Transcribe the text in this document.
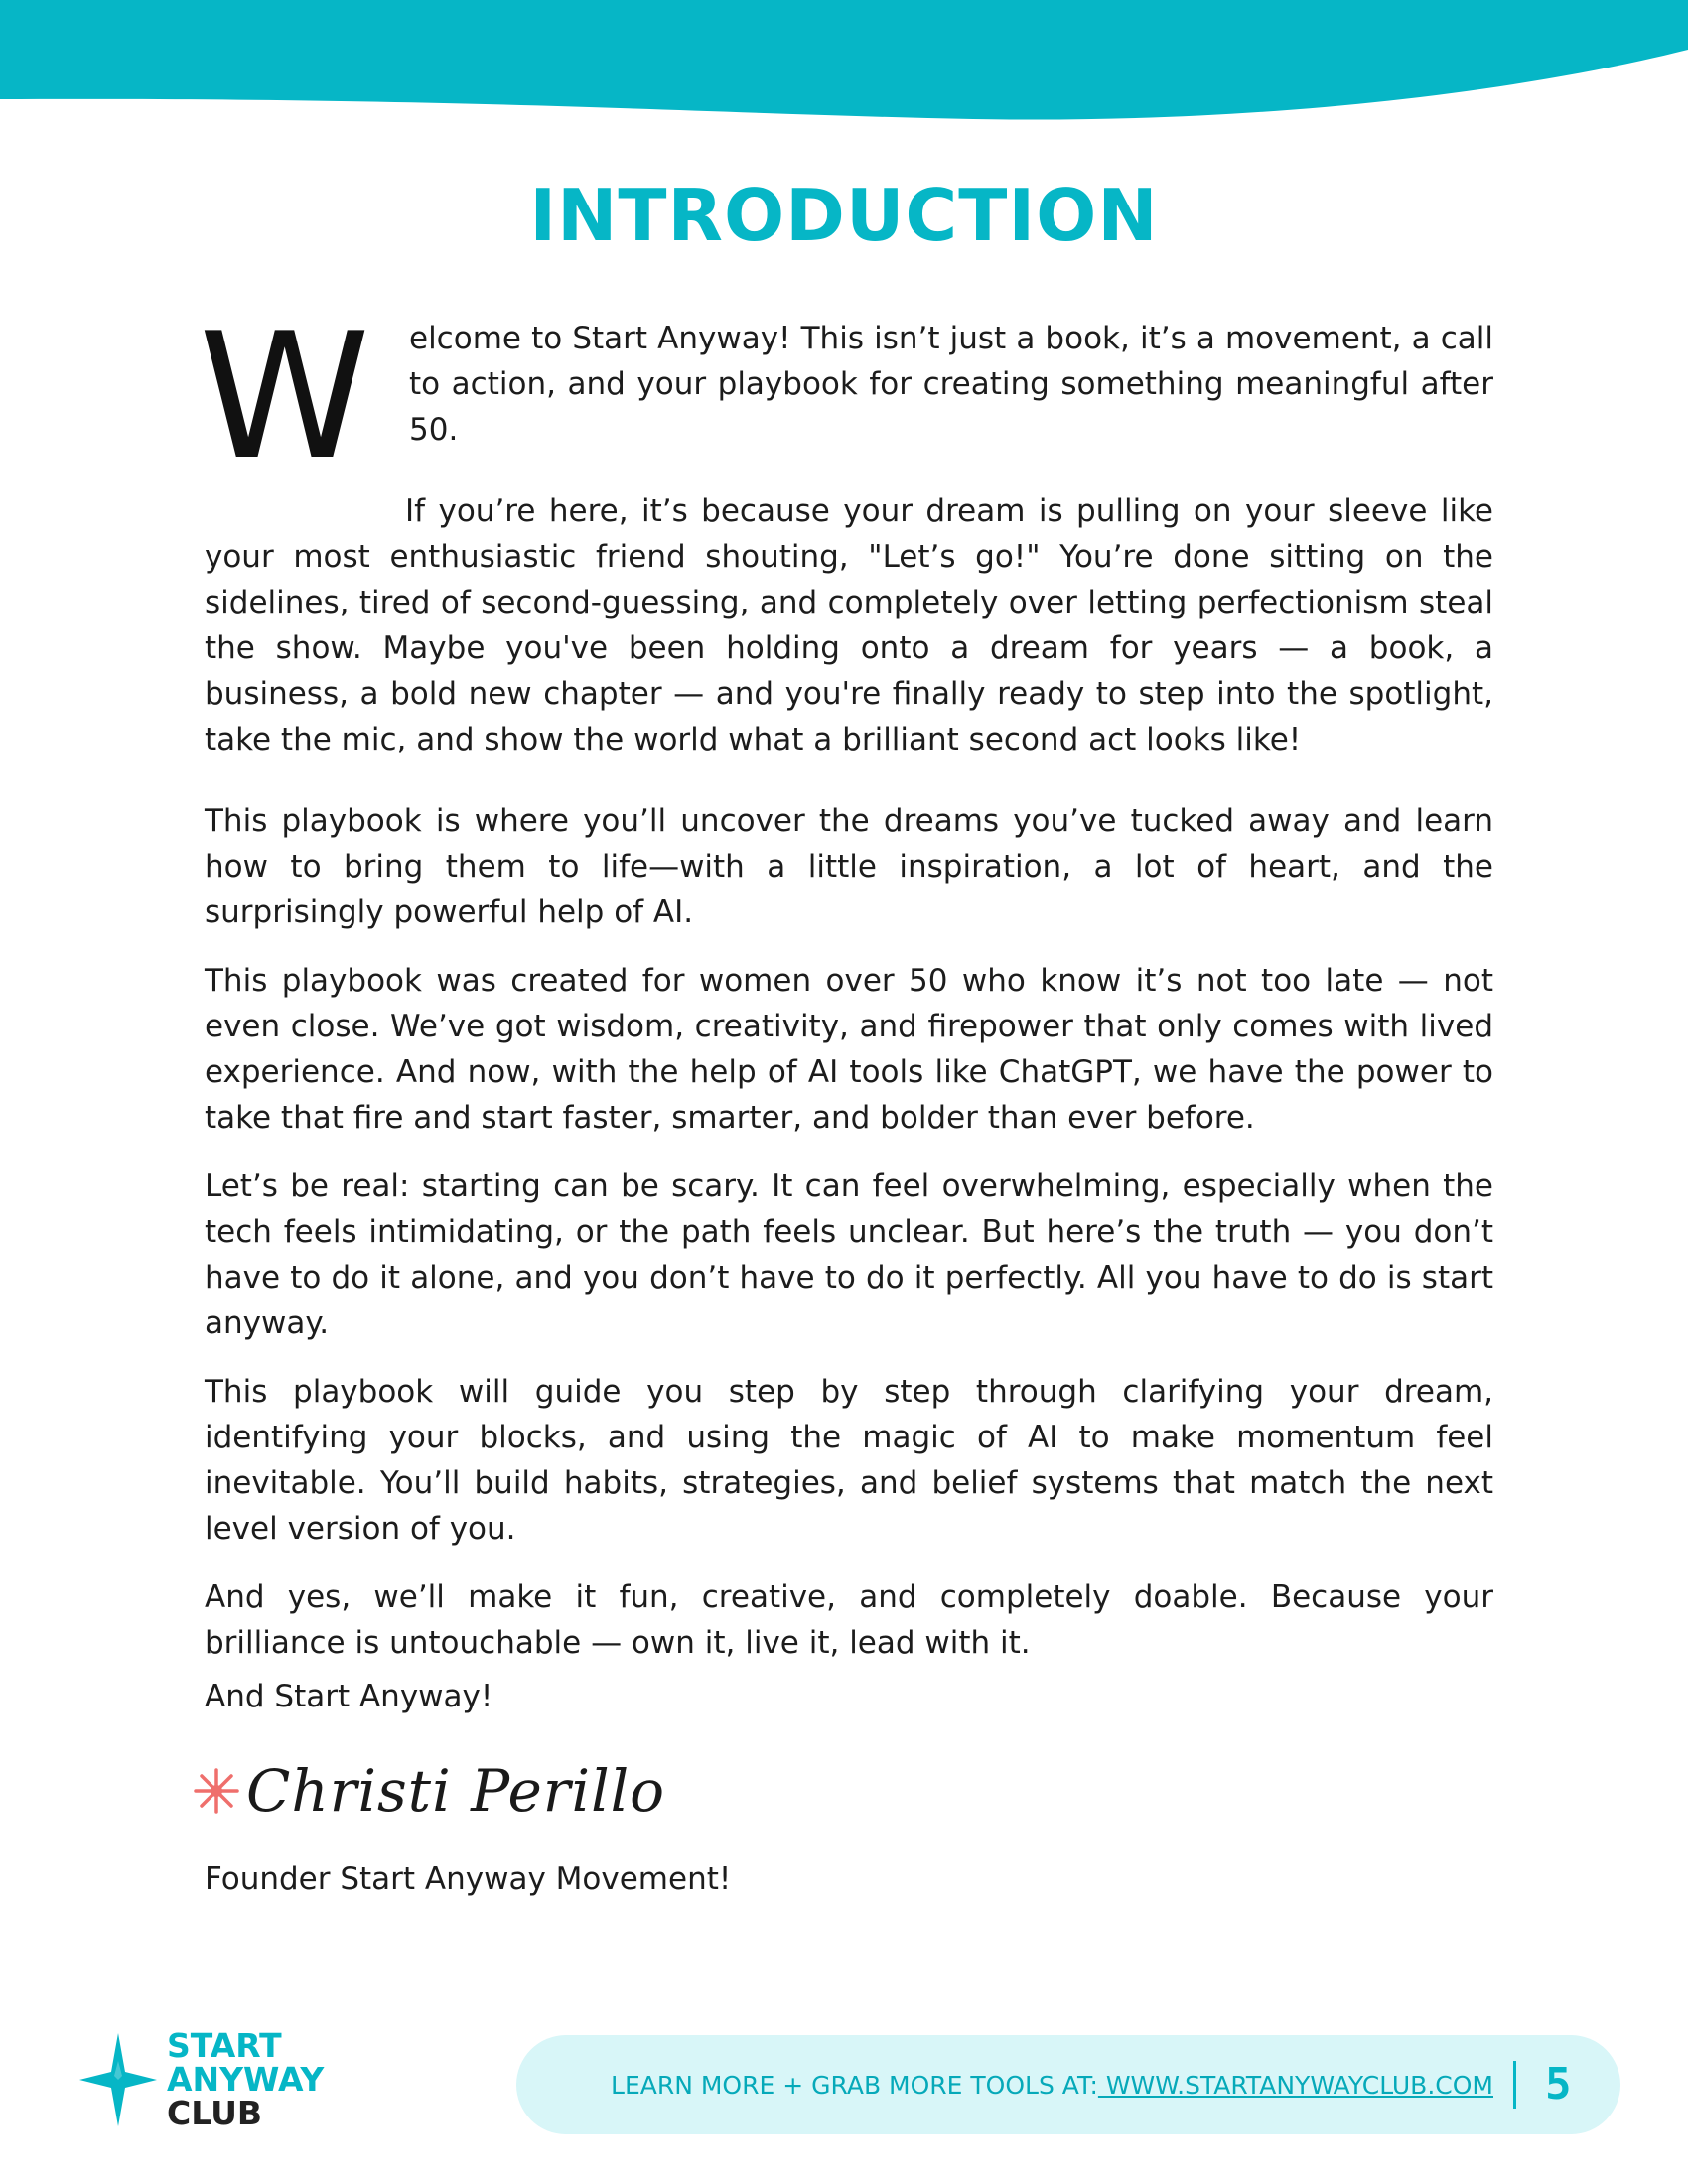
INTRODUCTION
W	elcome to Start Anyway! This isn’t just a book, it’s a movement, a call to action, and your playbook for creating something meaningful after 50.

If you’re here, it’s because your dream is pulling on your sleeve like your most enthusiastic friend shouting, "Let’s go!" You’re done sitting on the sidelines, tired of second-guessing, and completely over letting perfectionism steal the show. Maybe you've been holding onto a dream for years — a book, a business, a bold new chapter — and you're finally ready to step into the spotlight, take the mic, and show the world what a brilliant second act looks like!

This playbook is where you’ll uncover the dreams you’ve tucked away and learn how to bring them to life—with a little inspiration, a lot of heart, and the surprisingly powerful help of AI.

This playbook was created for women over 50 who know it’s not too late — not even close. We’ve got wisdom, creativity, and firepower that only comes with lived experience. And now, with the help of AI tools like ChatGPT, we have the power to take that fire and start faster, smarter, and bolder than ever before.

Let’s be real: starting can be scary. It can feel overwhelming, especially when the tech feels intimidating, or the path feels unclear. But here’s the truth — you don’t have to do it alone, and you don’t have to do it perfectly. All you have to do is start anyway.

This playbook will guide you step by step through clarifying your dream, identifying your blocks, and using the magic of AI to make momentum feel inevitable. You’ll build habits, strategies, and belief systems that match the next level version of you.

And yes, we’ll make it fun, creative, and completely doable. Because your brilliance is untouchable — own it, live it, lead with it.

And Start Anyway!

Christi Perillo

Founder Start Anyway Movement!

START
ANYWAY
CLUB
LEARN MORE + GRAB MORE TOOLS AT: WWW.STARTANYWAYCLUB.COM 5
